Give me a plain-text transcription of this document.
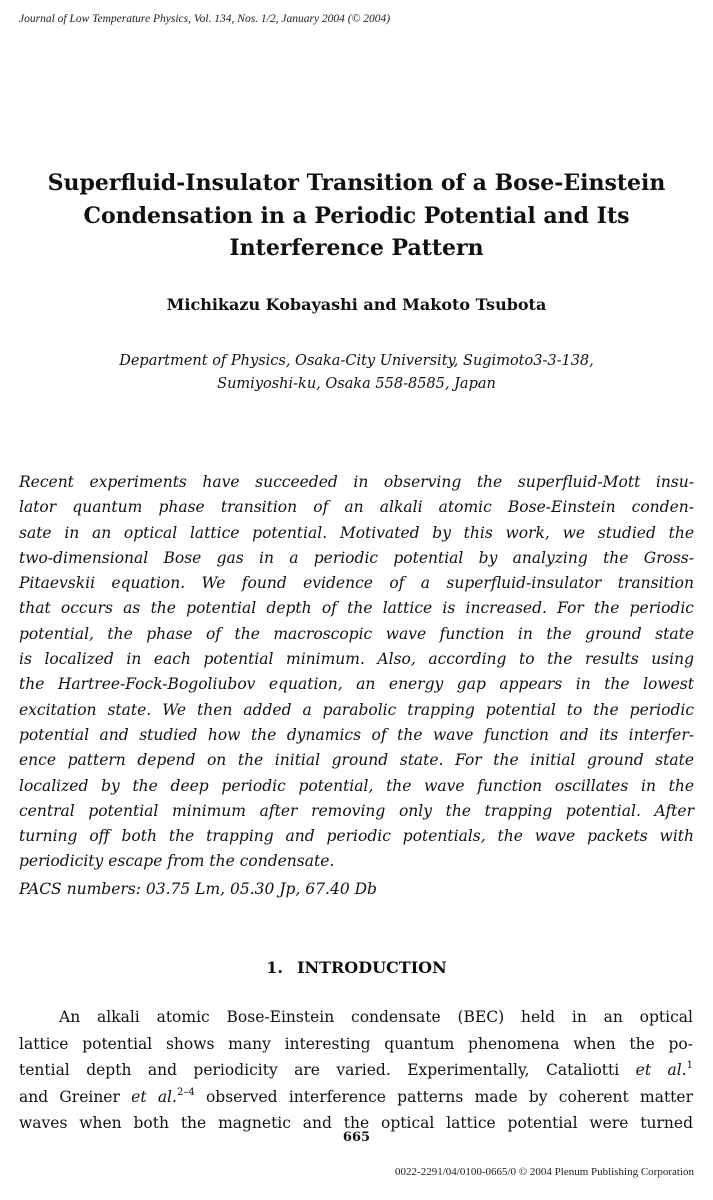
Journal of Low Temperature Physics, Vol. 134, Nos. 1/2, January 2004 (© 2004)
Superfluid-Insulator Transition of a Bose-Einstein
Condensation in a Periodic Potential and Its
Interference Pattern
Michikazu Kobayashi and Makoto Tsubota
Department of Physics, Osaka-City University, Sugimoto3-3-138,
Sumiyoshi-ku, Osaka 558-8585, Japan
Recent experiments have succeeded in observing the superfluid-Mott insu-
lator quantum phase transition of an alkali atomic Bose-Einstein conden-
sate in an optical lattice potential. Motivated by this work, we studied the
two-dimensional Bose gas in a periodic potential by analyzing the Gross-
Pitaevskii equation. We found evidence of a superfluid-insulator transition
that occurs as the potential depth of the lattice is increased. For the periodic
potential, the phase of the macroscopic wave function in the ground state
is localized in each potential minimum. Also, according to the results using
the Hartree-Fock-Bogoliubov equation, an energy gap appears in the lowest
excitation state. We then added a parabolic trapping potential to the periodic
potential and studied how the dynamics of the wave function and its interfer-
ence pattern depend on the initial ground state. For the initial ground state
localized by the deep periodic potential, the wave function oscillates in the
central potential minimum after removing only the trapping potential. After
turning off both the trapping and periodic potentials, the wave packets with
periodicity escape from the condensate.
PACS numbers: 03.75 Lm, 05.30 Jp, 67.40 Db
1. INTRODUCTION
An alkali atomic Bose-Einstein condensate (BEC) held in an optical
lattice potential shows many interesting quantum phenomena when the po-
tential depth and periodicity are varied. Experimentally, Cataliotti et al.$^1$
and Greiner et al.$^{2-4}$ observed interference patterns made by coherent matter
waves when both the magnetic and the optical lattice potential were turned
665
0022-2291/04/0100-0665/0 © 2004 Plenum Publishing Corporation
